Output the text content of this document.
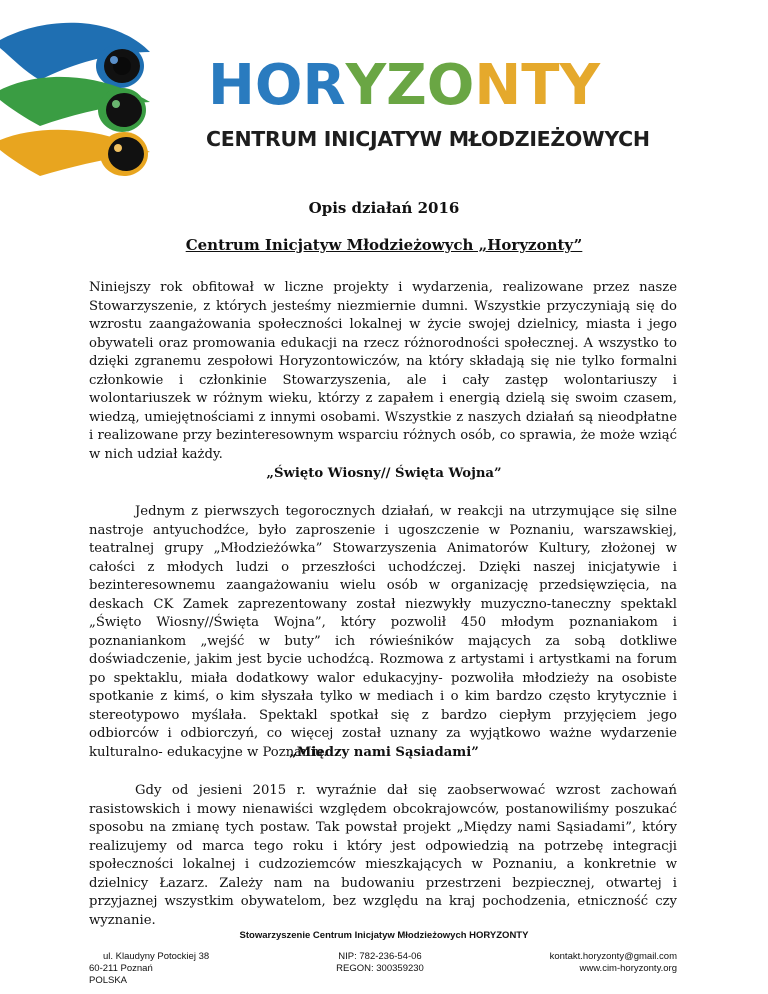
HORYZONTY
CENTRUM INICJATYW MŁODZIEŻOWYCH
Opis działań 2016
Centrum Inicjatyw Młodzieżowych „Horyzonty”
Niniejszy rok obfitował w liczne projekty i wydarzenia, realizowane przez nasze Stowarzyszenie, z których jesteśmy niezmiernie dumni. Wszystkie przyczyniają się do wzrostu zaangażowania społeczności lokalnej w życie swojej dzielnicy, miasta i jego obywateli oraz promowania edukacji na rzecz różnorodności społecznej. A wszystko to dzięki zgranemu zespołowi Horyzontowiczów, na który składają się nie tylko formalni członkowie i członkinie Stowarzyszenia, ale i cały zastęp wolontariuszy i wolontariuszek w różnym wieku, którzy z zapałem i energią dzielą się swoim czasem, wiedzą, umiejętnościami z innymi osobami. Wszystkie z naszych działań są nieodpłatne i realizowane przy bezinteresownym wsparciu różnych osób, co sprawia, że może wziąć w nich udział każdy.
„Święto Wiosny// Święta Wojna”
Jednym z pierwszych tegorocznych działań, w reakcji na utrzymujące się silne nastroje antyuchodźce, było zaproszenie i ugoszczenie w Poznaniu, warszawskiej, teatralnej grupy „Młodzieżówka” Stowarzyszenia Animatorów Kultury, złożonej w całości z młodych ludzi o przeszłości uchodźczej. Dzięki naszej inicjatywie i bezinteresownemu zaangażowaniu wielu osób w organizację przedsięwzięcia, na deskach CK Zamek zaprezentowany został niezwykły muzyczno-taneczny spektakl „Święto Wiosny//Święta Wojna”, który pozwolił 450 młodym poznaniakom i poznaniankom „wejść w buty” ich rówieśników mających za sobą dotkliwe doświadczenie, jakim jest bycie uchodźcą. Rozmowa z artystami i artystkami na forum po spektaklu, miała dodatkowy walor edukacyjny- pozwoliła młodzieży na osobiste spotkanie z kimś, o kim słyszała tylko w mediach i o kim bardzo często krytycznie i stereotypowo myślała. Spektakl spotkał się z bardzo ciepłym przyjęciem jego odbiorców i odbiorczyń, co więcej został uznany za wyjątkowo ważne wydarzenie kulturalno- edukacyjne w Poznaniu.
„Między nami Sąsiadami”
Gdy od jesieni 2015 r. wyraźnie dał się zaobserwować wzrost zachowań rasistowskich i mowy nienawiści względem obcokrajowców, postanowiliśmy poszukać sposobu na zmianę tych postaw. Tak powstał projekt „Między nami Sąsiadami”, który realizujemy od marca tego roku i który jest odpowiedzią na potrzebę integracji społeczności lokalnej i cudzoziemców mieszkających w Poznaniu, a konkretnie w dzielnicy Łazarz. Zależy nam na budowaniu przestrzeni bezpiecznej, otwartej i przyjaznej wszystkim obywatelom, bez względu na kraj pochodzenia, etniczność czy wyznanie.
Stowarzyszenie Centrum Inicjatyw Młodzieżowych HORYZONTY
ul. Klaudyny Potockiej 38
60-211 Poznań
POLSKA
NIP: 782-236-54-06
REGON: 300359230
kontakt.horyzonty@gmail.com
www.cim-horyzonty.org
